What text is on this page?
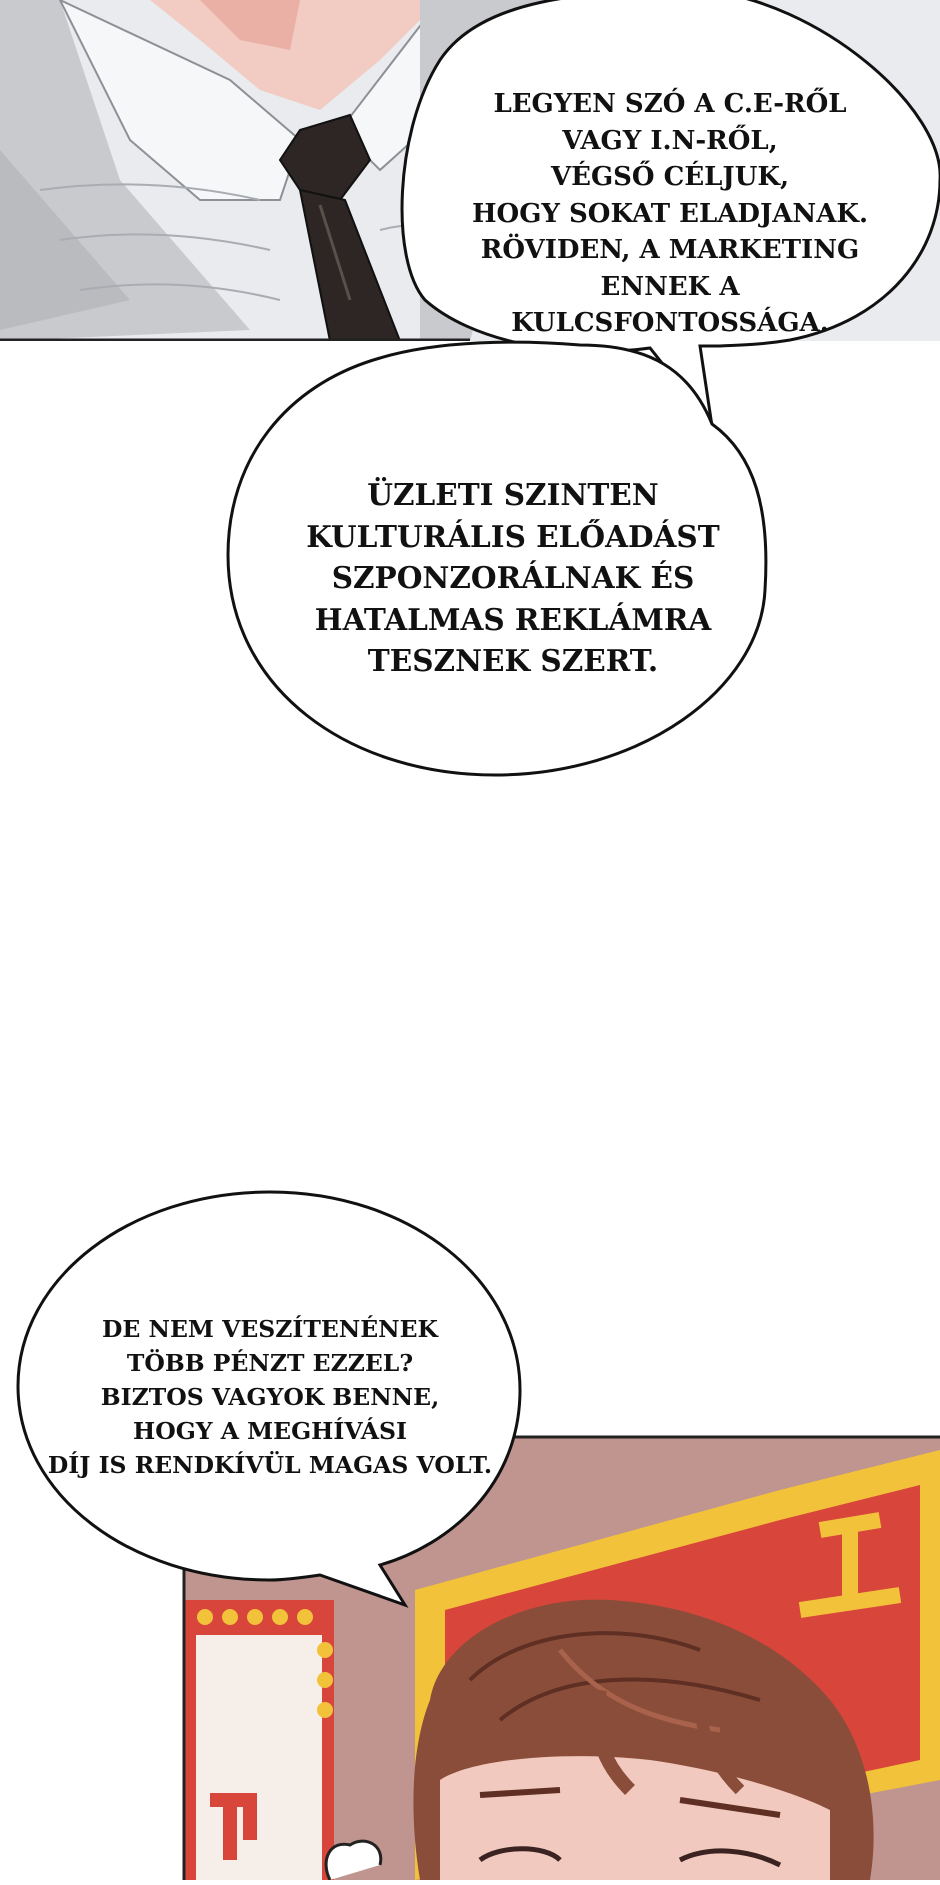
LEGYEN SZÓ A C.E-RŐL
VAGY I.N-RŐL,
VÉGSŐ CÉLJUK,
HOGY SOKAT ELADJANAK.
RÖVIDEN, A MARKETING
ENNEK A KULCSFONTOSSÁGA.
ÜZLETI SZINTEN
KULTURÁLIS ELŐADÁST
SZPONZORÁLNAK ÉS
HATALMAS REKLÁMRA
TESZNEK SZERT.
DE NEM VESZÍTENÉNEK
TÖBB PÉNZT EZZEL?
BIZTOS VAGYOK BENNE,
HOGY A MEGHÍVÁSI
DÍJ IS RENDKÍVÜL MAGAS VOLT.
